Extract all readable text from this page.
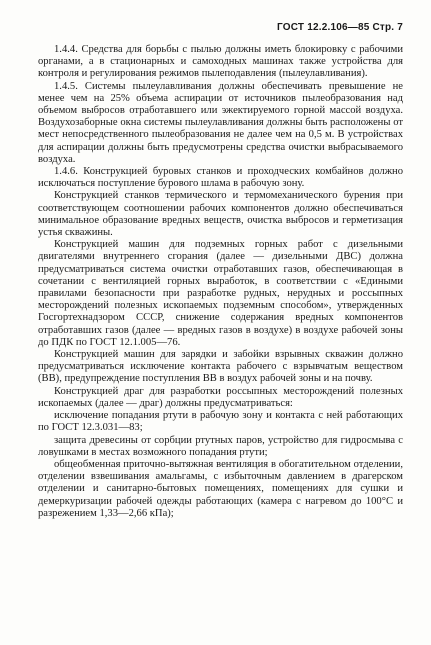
ГОСТ 12.2.106—85 Стр. 7

1.4.4. Средства для борьбы с пылью должны иметь блокировку с рабочими органами, а в стационарных и самоходных машинах также устройства для контроля и регулирования режимов пылеподавления (пылеулавливания).

1.4.5. Системы пылеулавливания должны обеспечивать превышение не менее чем на 25% объема аспирации от источников пылеобразования над объемом выбросов отработавшего или эжектируемого горной массой воздуха. Воздухозаборные окна системы пылеулавливания должны быть расположены от мест непосредственного пылеобразования не далее чем на 0,5 м. В устройствах для аспирации должны быть предусмотрены средства очистки выбрасываемого воздуха.

1.4.6. Конструкцией буровых станков и проходческих комбайнов должно исключаться поступление бурового шлама в рабочую зону.

Конструкцией станков термического и термомеханического бурения при соответствующем соотношении рабочих компонентов должно обеспечиваться минимальное образование вредных веществ, очистка выбросов и герметизация устья скважины.

Конструкцией машин для подземных горных работ с дизельными двигателями внутреннего сгорания (далее — дизельными ДВС) должна предусматриваться система очистки отработавших газов, обеспечивающая в сочетании с вентиляцией горных выработок, в соответствии с «Едиными правилами безопасности при разработке рудных, нерудных и россыпных месторождений полезных ископаемых подземным способом», утвержденных Госгортехнадзором СССР, снижение содержания вредных компонентов отработавших газов (далее — вредных газов в воздухе) в воздухе рабочей зоны до ПДК по ГОСТ 12.1.005—76.

Конструкцией машин для зарядки и забойки взрывных скважин должно предусматриваться исключение контакта рабочего с взрывчатым веществом (ВВ), предупреждение поступления ВВ в воздух рабочей зоны и на почву.

Конструкцией драг для разработки россыпных месторождений полезных ископаемых (далее — драг) должны предусматриваться:

исключение попадания ртути в рабочую зону и контакта с ней работающих по ГОСТ 12.3.031—83;

защита древесины от сорбции ртутных паров, устройство для гидросмыва с ловушками в местах возможного попадания ртути;

общеобменная приточно-вытяжная вентиляция в обогатительном отделении, отделении взвешивания амальгамы, с избыточным давлением в драгерском отделении и санитарно-бытовых помещениях, помещениях для сушки и демеркуризации рабочей одежды работающих (камера с нагревом до 100°С и разрежением 1,33—2,66 кПа);
